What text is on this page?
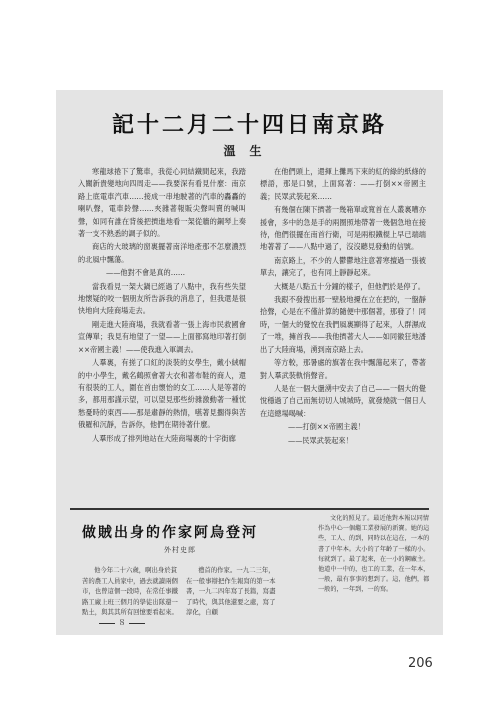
記十二月二十四日南京路
溫生

寒龍球捲下了驚車，我從心同結鐵間起來，我踏入關新貴變地向四周走——我要深有看見什麼：南京路上底電車汽車……接成一串地駛著的汽車的轟轟的喇叭聲，電車鈴聲……夾雜著報販尖聲叫賣的喊叫聲，如同有誰在背後把擠進地看一架從牆的鋼琴上奏著一支不熟悉的調子似的。

商店的大玻璃的窗裏擺著南洋地產那不怎麼濃烈的北風中飄蕩。

——他對不會是真的……

當我看見一架大鍋已經過了八點中，我有些失望地懷疑的咬一個朋友所告訴我的消息了，但我還是很快地向大陸商場走去。

剛走進大陸商場，我就看著一張上海市民救國會宣傳單；我見有地望了一望——上面都寫地印著打倒××帝國主義！——使我進入軍調去。

人羣裏，有搓了口紅的淡裝的女學生，戴小絨帽的中小學生，戴名鶴照會著大衣和著布鞋的商人，還有很裝的工人，圍在首由懷怡的女工……人是等著的多，都用那謹示望，可以望見那些紛雜激動著一種忧愁憂時的東西——那是肅靜的熱情，嚥著見擱得與苦俄羅和沉靜，告訴你，他們在期待著什麼。

人羣形成了排列地站在大陸商場裏的十字街廊

在他們頭上，還揮上攤馬下來的紅的綠的紙條的標語，那是口號，上面寫著：——打倒××帝國主義；民眾武裝起來……

有幾個在陳下擠著一幾箱單或寬首在人叢裏嘈亦援會，多中的急是手的兩圈照地帶著一幾個急地在接待，他們很擺在南首行衛，可是兩根鐵棍上早已端端地著著了——八點中過了，沒沒聽見發動的信號。

南京路上，不少的人鬱鬱地注意著寒擅過一張被單去，讓完了，也有同上靜靜起來。

大概是八點五十分鐘的樣子，但他們於是停了。

我跟不發搜出那一壁般地擾在立在把的，一盤靜拾聲，心是在不僅計算的隨便中那個著，那發了！同時，一個大的覺悅在我們風裏顯得了起來，人群濕成了一堆，擁首我——我他擠著大人——如同徽狂地潘出了大陸商場，湧到南京路上去。

等方較，那暑處的旗著在我中飄蕩起來了，帶著對人羣武裝軌悄聲音。

人是在一個大盪湧中安去了自己——一個大的覺悅穩過了自己而無切切人城城時，就發燒就一個日人在這總場喝喊：

——打倒××帝國主義！

——民眾武裝起來！

做賊出身的作家阿烏登河
外村史郎

他今年二十六歲，啊出身於貧苦的農工人員家中，過去就讀兩個市，也曾這個一段時，在常任事鐵路工廠上班三個月的學徒出隊還一點土，與其其所有回憶要看起來。

禮首的作家。一九二三年，在一般事辯把作生報寫的第一本書，一九二四年寫了長篇，寫盡了時代，與其他還要之處，寫了淳化，自顧

文化的照見了。最近他對本報以同情作為中心一個繼工業發展的新寶。她的這些，工人、的到，同時以在這在，一本的書了中年本。大小的了年齡了一樣的小。每就到了。最了起來，在一小的鋼廠主。他道中一中的，也工的工業，在一年本，一般，最有事事的想到了。這，他們，都一般的，一年到，一的寫。

８
206
